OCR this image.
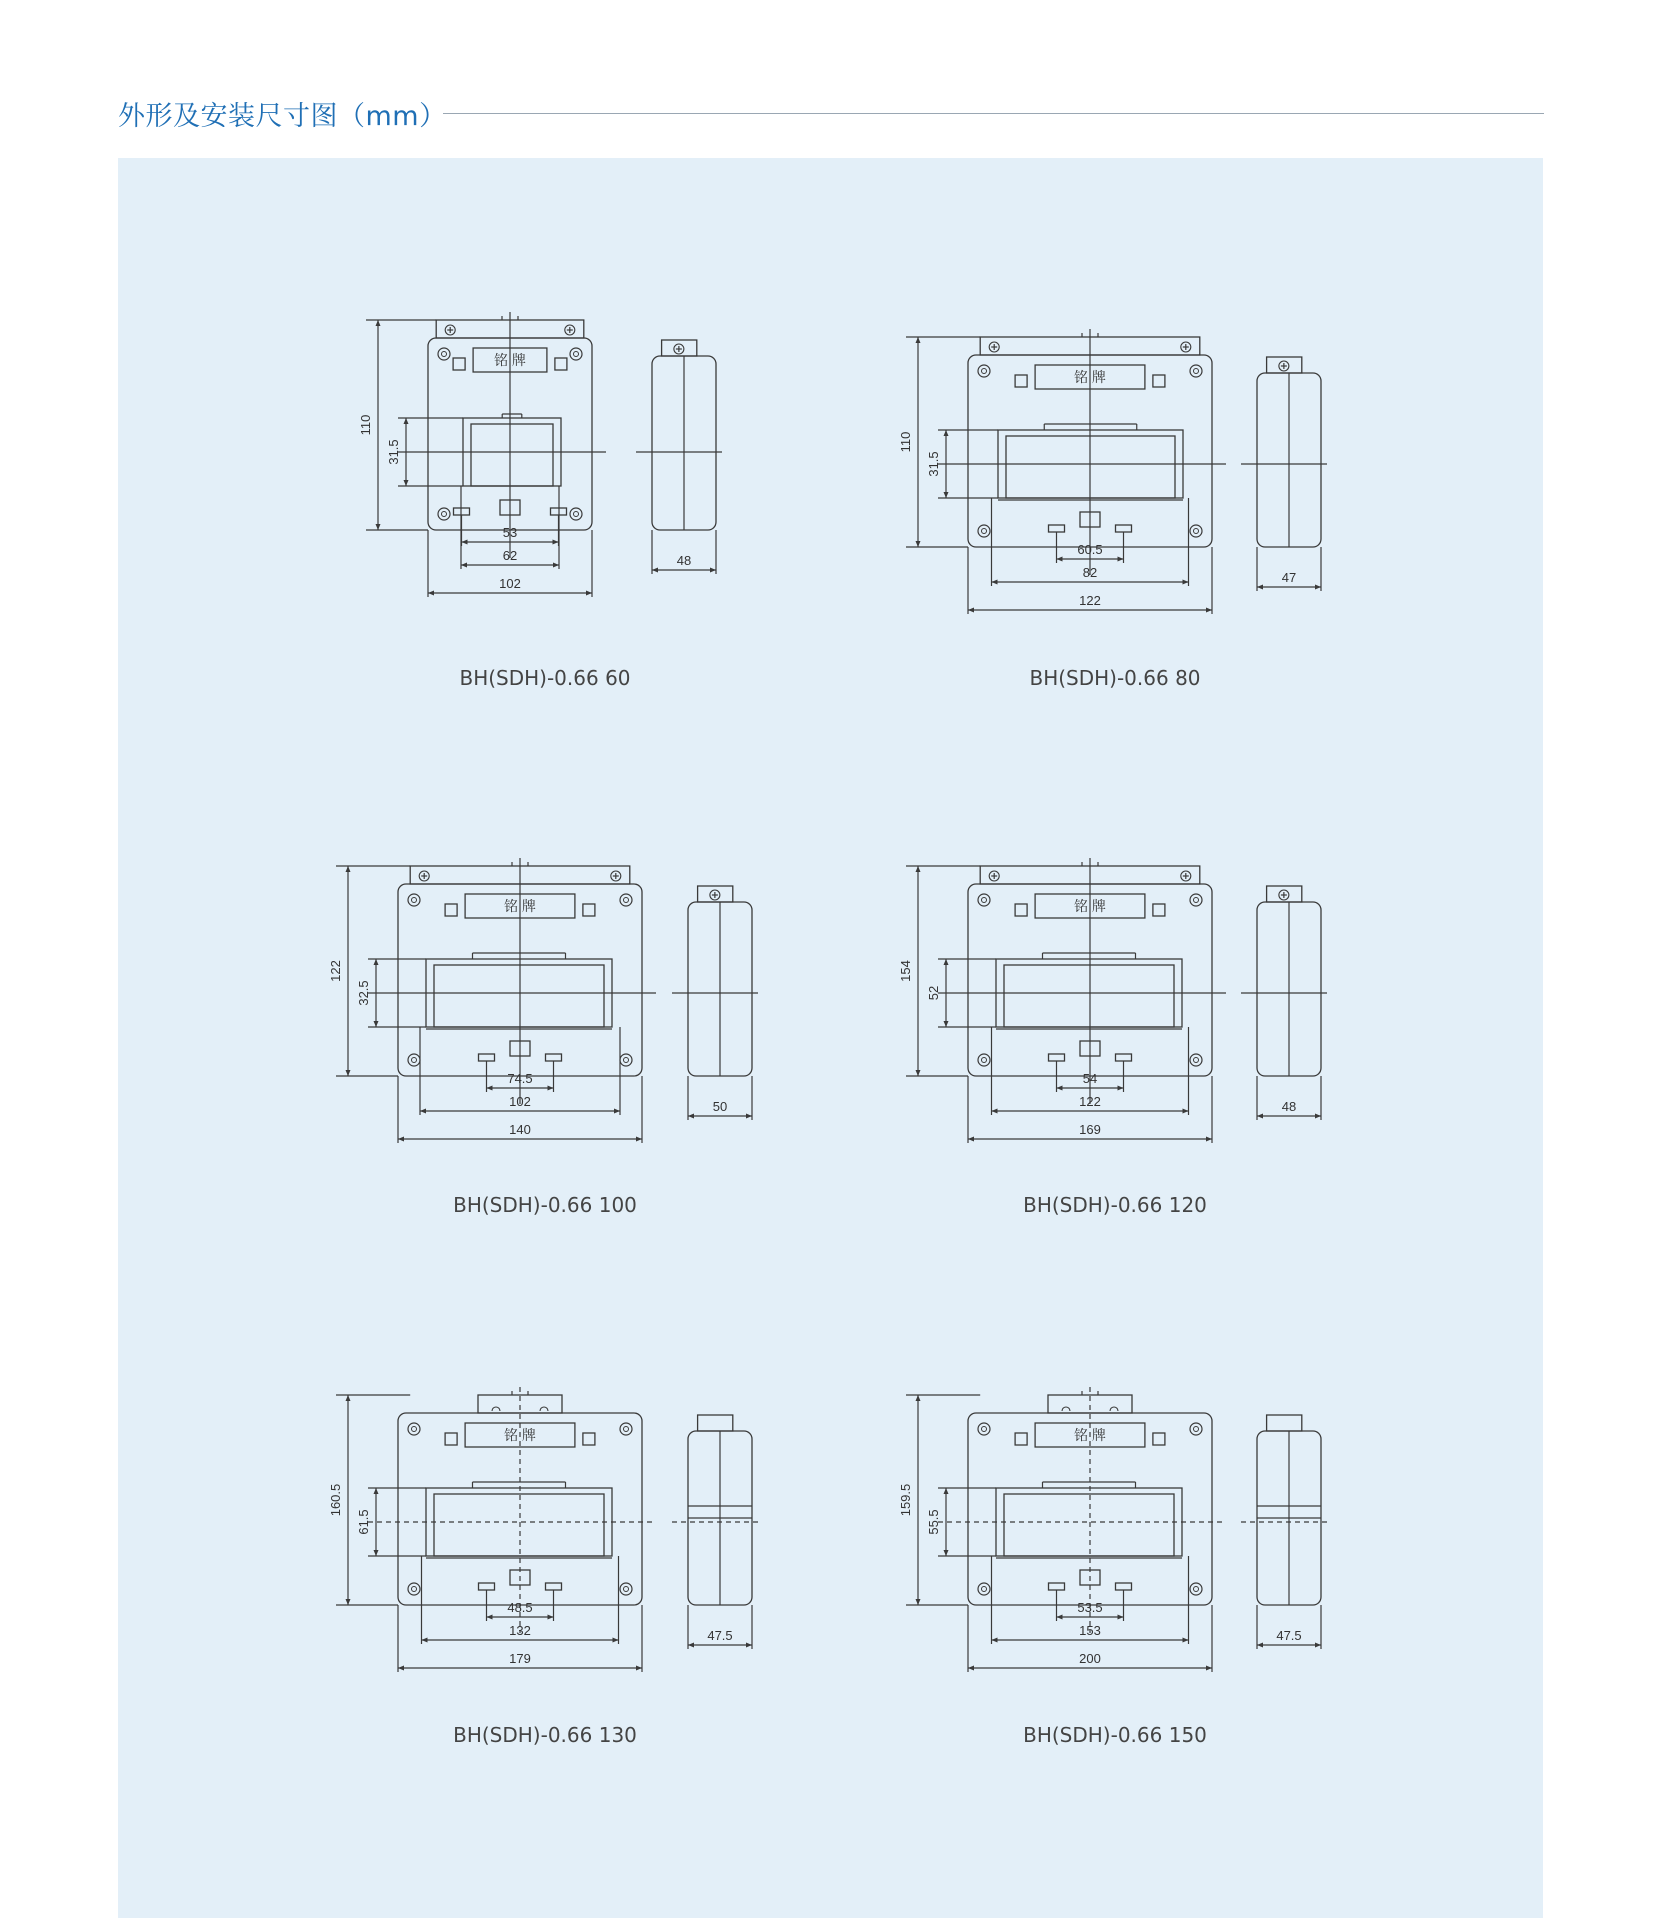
外形及安装尺寸图（mm）
铭 牌
110
31.5
53
62
102
48
BH(SDH)-0.66 60
铭 牌
110
31.5
60.5
82
122
47
BH(SDH)-0.66 80
铭 牌
122
32.5
74.5
102
140
50
BH(SDH)-0.66 100
铭 牌
154
52
54
122
169
48
BH(SDH)-0.66 120
铭 牌
160.5
61.5
48.5
132
179
47.5
BH(SDH)-0.66 130
铭 牌
159.5
55.5
53.5
153
200
47.5
BH(SDH)-0.66 150
